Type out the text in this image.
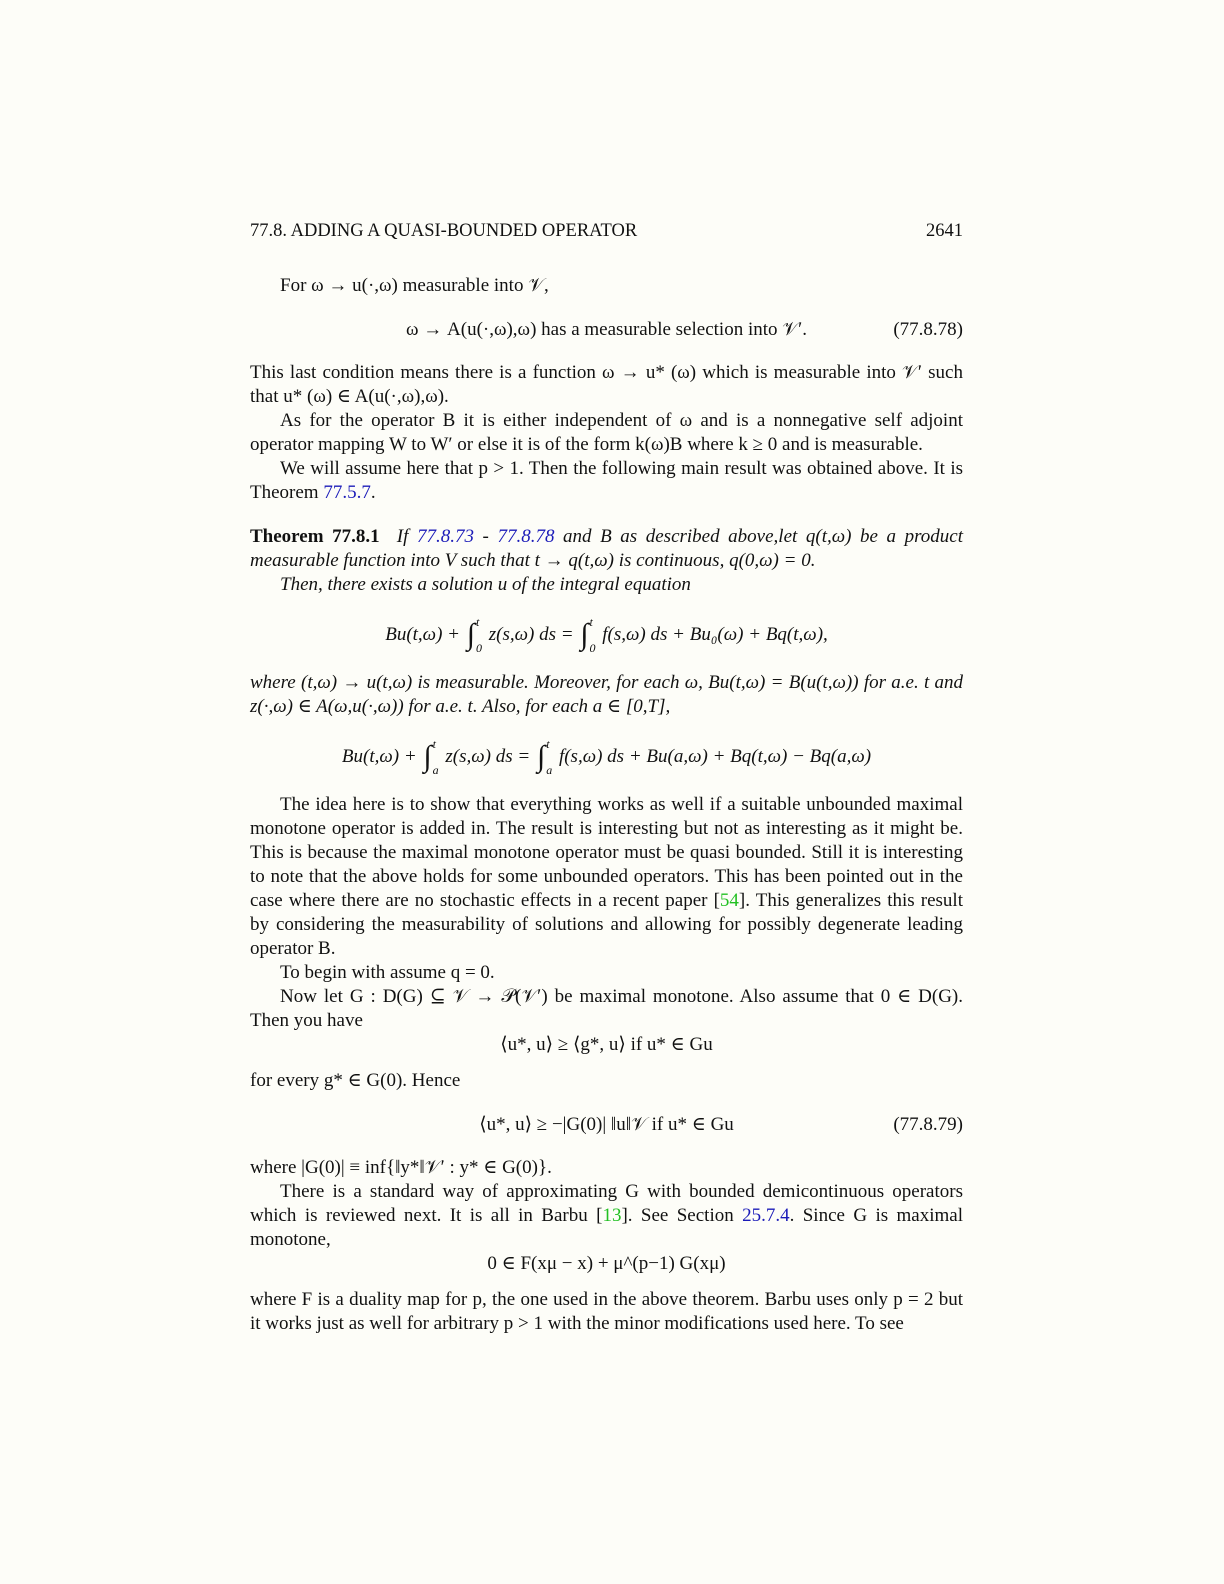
77.8. ADDING A QUASI-BOUNDED OPERATOR	2641

For ω → u(·,ω) measurable into 𝒱,

ω → A(u(·,ω),ω) has a measurable selection into 𝒱′.	(77.8.78)

This last condition means there is a function ω → u* (ω) which is measurable into 𝒱′ such that u* (ω) ∈ A(u(·,ω),ω).

As for the operator B it is either independent of ω and is a nonnegative self adjoint operator mapping W to W′ or else it is of the form k(ω)B where k ≥ 0 and is measurable.

We will assume here that p > 1. Then the following main result was obtained above. It is Theorem 77.5.7.

Theorem 77.8.1 If 77.8.73 - 77.8.78 and B as described above,let q(t,ω) be a product measurable function into V such that t → q(t,ω) is continuous, q(0,ω) = 0.

Then, there exists a solution u of the integral equation

Bu(t,ω) + ∫ t
0
z(s,ω) ds = ∫ t
0
f(s,ω) ds + Bu₀(ω) + Bq(t,ω),

where (t,ω) → u(t,ω) is measurable. Moreover, for each ω, Bu(t,ω) = B(u(t,ω)) for a.e. t and z(·,ω) ∈ A(ω,u(·,ω)) for a.e. t. Also, for each a ∈ [0,T],

Bu(t,ω) + ∫ t
a
z(s,ω) ds = ∫ t
a
f(s,ω) ds + Bu(a,ω) + Bq(t,ω) − Bq(a,ω)

The idea here is to show that everything works as well if a suitable unbounded maximal monotone operator is added in. The result is interesting but not as interesting as it might be. This is because the maximal monotone operator must be quasi bounded. Still it is interesting to note that the above holds for some unbounded operators. This has been pointed out in the case where there are no stochastic effects in a recent paper [54]. This generalizes this result by considering the measurability of solutions and allowing for possibly degenerate leading operator B.

To begin with assume q = 0.

Now let G : D(G) ⊆ 𝒱 → 𝒫(𝒱′) be maximal monotone. Also assume that 0 ∈ D(G). Then you have

⟨u*, u⟩ ≥ ⟨g*, u⟩ if u* ∈ Gu

for every g* ∈ G(0). Hence

⟨u*, u⟩ ≥ −|G(0)| ‖u‖𝒱 if u* ∈ Gu	(77.8.79)

where |G(0)| ≡ inf{‖y*‖𝒱′ : y* ∈ G(0)}.

There is a standard way of approximating G with bounded demicontinuous operators which is reviewed next. It is all in Barbu [13]. See Section 25.7.4. Since G is maximal monotone,

0 ∈ F(xμ − x) + μ^(p−1) G(xμ)

where F is a duality map for p, the one used in the above theorem. Barbu uses only p = 2 but it works just as well for arbitrary p > 1 with the minor modifications used here. To see
